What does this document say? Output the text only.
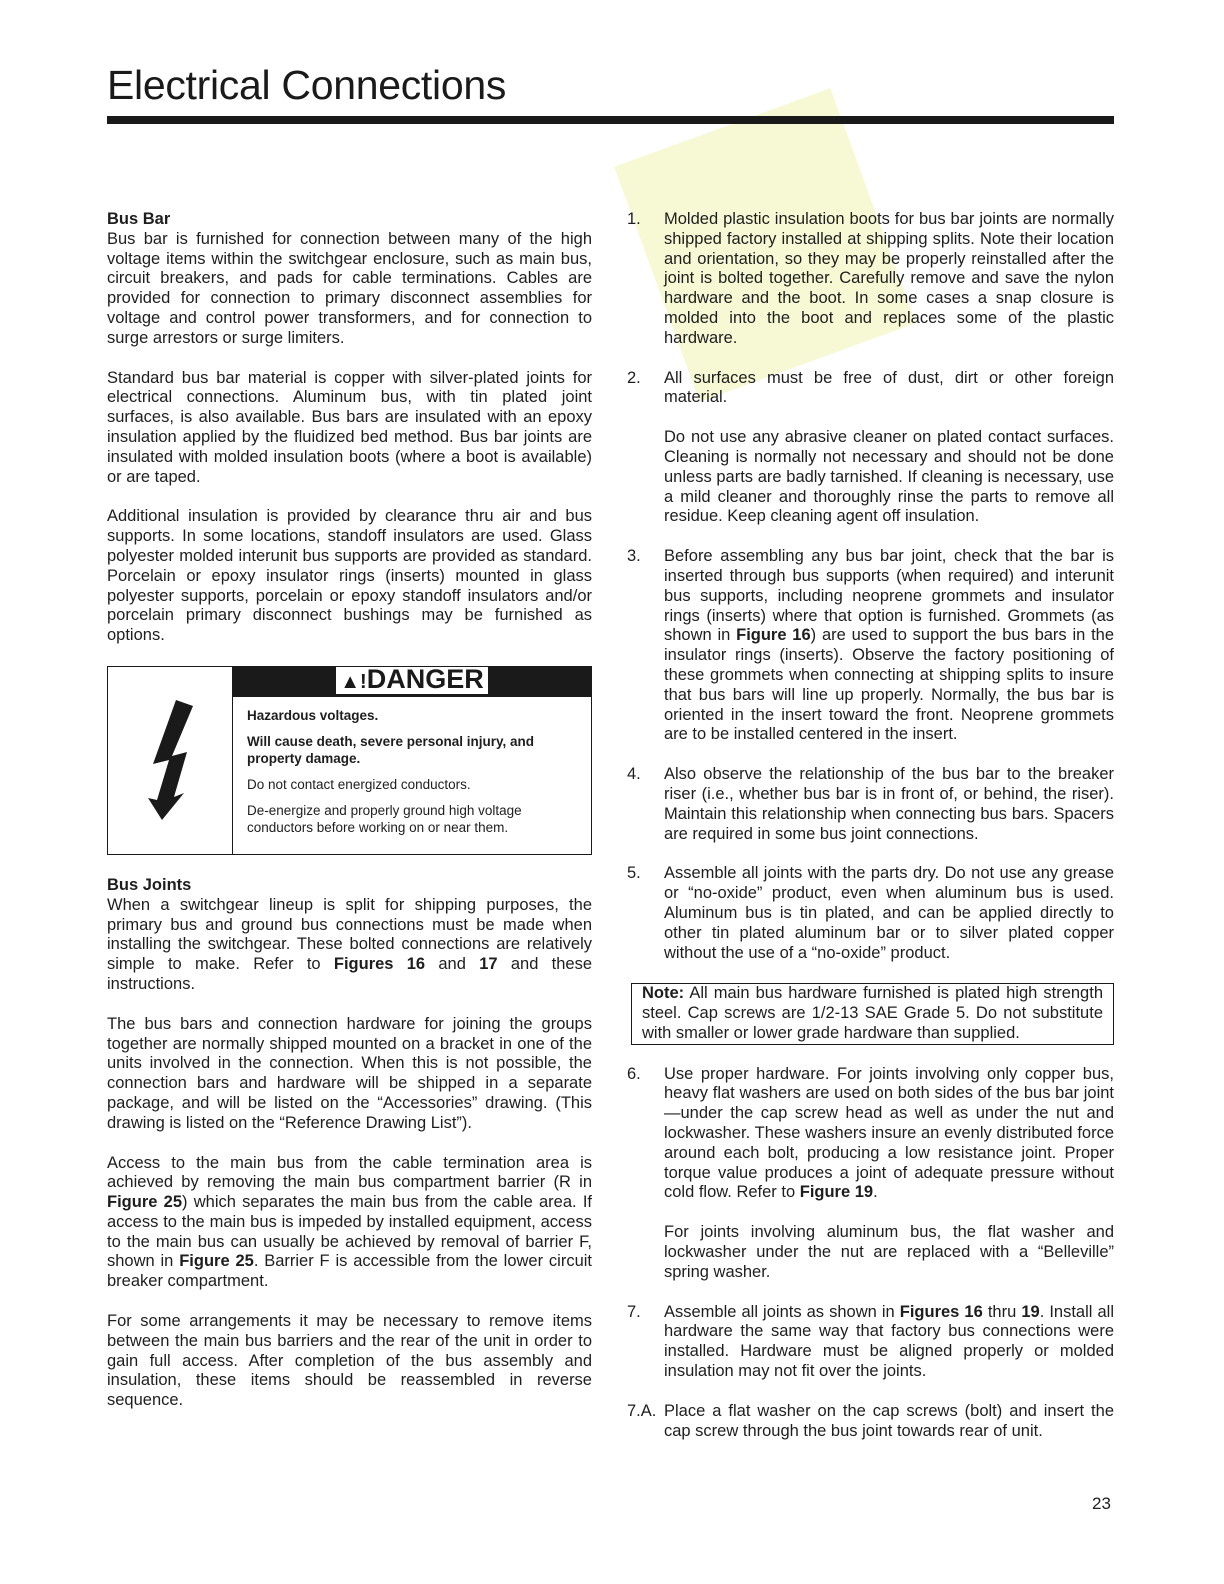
Electrical Connections

Bus Bar
Bus bar is furnished for connection between many of the high voltage items within the switchgear enclosure, such as main bus, circuit breakers, and pads for cable terminations. Cables are provided for connection to primary disconnect assemblies for voltage and control power transformers, and for connection to surge arrestors or surge limiters.

Standard bus bar material is copper with silver-plated joints for electrical connections. Aluminum bus, with tin plated joint surfaces, is also available. Bus bars are insulated with an epoxy insulation applied by the fluidized bed method. Bus bar joints are insulated with molded insulation boots (where a boot is available) or are taped.

Additional insulation is provided by clearance thru air and bus supports. In some locations, standoff insulators are used. Glass polyester molded interunit bus supports are provided as standard. Porcelain or epoxy insulator rings (inserts) mounted in glass polyester supports, porcelain or epoxy standoff insulators and/or porcelain primary disconnect bushings may be furnished as options.

▲!DANGER
Hazardous voltages.
Will cause death, severe personal injury, and property damage.
Do not contact energized conductors.
De-energize and properly ground high voltage conductors before working on or near them.

Bus Joints
When a switchgear lineup is split for shipping purposes, the primary bus and ground bus connections must be made when installing the switchgear. These bolted connections are relatively simple to make. Refer to Figures 16 and 17 and these instructions.

The bus bars and connection hardware for joining the groups together are normally shipped mounted on a bracket in one of the units involved in the connection. When this is not possible, the connection bars and hardware will be shipped in a separate package, and will be listed on the “Accessories” drawing. (This drawing is listed on the “Reference Drawing List”).

Access to the main bus from the cable termination area is achieved by removing the main bus compartment barrier (R in Figure 25) which separates the main bus from the cable area. If access to the main bus is impeded by installed equipment, access to the main bus can usually be achieved by removal of barrier F, shown in Figure 25. Barrier F is accessible from the lower circuit breaker compartment.

For some arrangements it may be necessary to remove items between the main bus barriers and the rear of the unit in order to gain full access. After completion of the bus assembly and insulation, these items should be reassembled in reverse sequence.

1. Molded plastic insulation boots for bus bar joints are normally shipped factory installed at shipping splits. Note their location and orientation, so they may be properly reinstalled after the joint is bolted together. Carefully remove and save the nylon hardware and the boot. In some cases a snap closure is molded into the boot and replaces some of the plastic hardware.
2. All surfaces must be free of dust, dirt or other foreign material.
Do not use any abrasive cleaner on plated contact surfaces. Cleaning is normally not necessary and should not be done unless parts are badly tarnished. If cleaning is necessary, use a mild cleaner and thoroughly rinse the parts to remove all residue. Keep cleaning agent off insulation.
3. Before assembling any bus bar joint, check that the bar is inserted through bus supports (when required) and interunit bus supports, including neoprene grommets and insulator rings (inserts) where that option is furnished. Grommets (as shown in Figure 16) are used to support the bus bars in the insulator rings (inserts). Observe the factory positioning of these grommets when connecting at shipping splits to insure that bus bars will line up properly. Normally, the bus bar is oriented in the insert toward the front. Neoprene grommets are to be installed centered in the insert.
4. Also observe the relationship of the bus bar to the breaker riser (i.e., whether bus bar is in front of, or behind, the riser). Maintain this relationship when connecting bus bars. Spacers are required in some bus joint connections.
5. Assemble all joints with the parts dry. Do not use any grease or “no-oxide” product, even when aluminum bus is used. Aluminum bus is tin plated, and can be applied directly to other tin plated aluminum bar or to silver plated copper without the use of a “no-oxide” product.
Note: All main bus hardware furnished is plated high strength steel. Cap screws are 1/2-13 SAE Grade 5. Do not substitute with smaller or lower grade hardware than supplied.
6. Use proper hardware. For joints involving only copper bus, heavy flat washers are used on both sides of the bus bar joint—under the cap screw head as well as under the nut and lockwasher. These washers insure an evenly distributed force around each bolt, producing a low resistance joint. Proper torque value produces a joint of adequate pressure without cold flow. Refer to Figure 19.
For joints involving aluminum bus, the flat washer and lockwasher under the nut are replaced with a “Belleville” spring washer.
7. Assemble all joints as shown in Figures 16 thru 19. Install all hardware the same way that factory bus connections were installed. Hardware must be aligned properly or molded insulation may not fit over the joints.
7.A. Place a flat washer on the cap screws (bolt) and insert the cap screw through the bus joint towards rear of unit.
23
